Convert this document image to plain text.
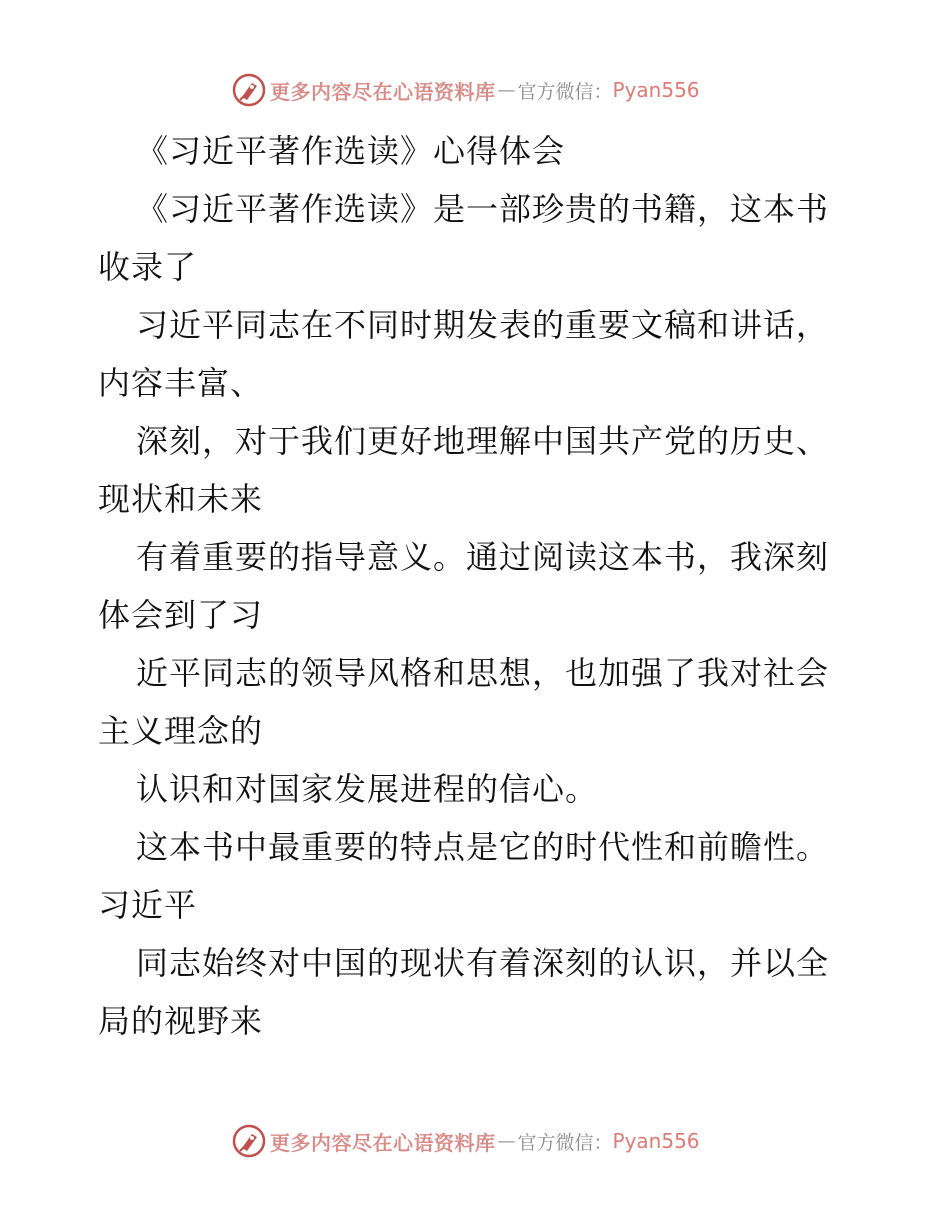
更多内容尽在心语资料库 — 官方微信： Pyan556
《习近平著作选读》心得体会
《习近平著作选读》是一部珍贵的书籍，这本书
收录了
习近平同志在不同时期发表的重要文稿和讲话，
内容丰富、
深刻，对于我们更好地理解中国共产党的历史、
现状和未来
有着重要的指导意义。通过阅读这本书，我深刻
体会到了习
近平同志的领导风格和思想，也加强了我对社会
主义理念的
认识和对国家发展进程的信心。
这本书中最重要的特点是它的时代性和前瞻性。
习近平
同志始终对中国的现状有着深刻的认识，并以全
局的视野来
更多内容尽在心语资料库 — 官方微信： Pyan556
